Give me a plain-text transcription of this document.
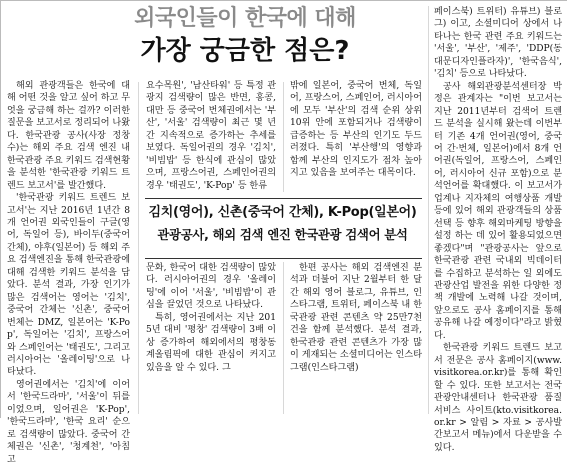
외국인들이 한국에 대해
가장 궁금한 점은?

해외 관광객들은 한국에 대해 어떤 것을 알고 싶어 하고 무엇을 궁금해 하는 걸까? 이러한 질문을 보고서로 정리되어 나왔다. 한국관광 공사(사장 정창수)는 해외 주요 검색 엔진 내 한국관광 주요 키워드 검색현황을 분석한 '한국관광 키워드 트렌드 보고서'를 발간했다.

'한국관광 키워드 트렌드 보고서'는 지난 2016년 1년간 8개 언어권 외국인들이 구글(영어, 독일어 등), 바이두(중국어 간체), 야후(일본어) 등 해외 주요 검색엔진을 통해 한국관광에 대해 검색한 키워드 분석을 담았다. 분석 결과, 가장 인기가 많은 검색어는 영어는 '김치', 중국어 간체는 '신촌', 중국어 번체는 DMZ, 일본어는 'K-Pop', 독일어는 '김치', 프랑스어와 스페인어는 '태권도', 그리고 러시아어는 '올레이팅'으로 나타났다.

영어권에서는 '김치'에 이어서 '한국드라마', '서울'이 뒤를 이었으며, 일어권은 'K-Pop', '한국드라마', '한국 요리' 순으로 검색량이 많았다. 중국어 간체권은 '신촌', '청계천', '아침고

요수목원', '남산타워' 등 특정 관광지 검색량이 많은 반면, 홍콩, 대만 등 중국어 번체권에서는 '부산', '서울' 검색량이 최근 몇 년간 지속적으로 증가하는 추세를 보였다. 독일어권의 경우 '김치', '비빔밥' 등 한식에 관심이 많았으며, 프랑스어권, 스페인어권의 경우 '태권도', 'K-Pop' 등 한류

밖에 일본어, 중국어 번체, 독일어, 프랑스어, 스페인어, 러시아어에 모두 '부산'의 검색 순위 상위 10위 안에 포함되거나 검색량이 급증하는 등 부산의 인기도 두드러졌다. 특히 '부산행'의 영향과 함께 부산의 인지도가 점차 높아지고 있음을 보여주는 대목이다.

김치(영어), 신촌(중국어 간체), K-Pop(일본어)
관광공사, 해외 검색 엔진 한국관광 검색어 분석

문화, 한국어 대한 검색량이 많았다. 러시아어권의 경우 '올레이팅'에 이어 '서울', '비빔밥'이 관심을 끌었던 것으로 나타났다.

특히, 영어권에서는 지난 2015년 대비 '평창' 검색량이 3배 이상 증가하여 해외에서의 평창동계올림픽에 대한 관심이 커지고 있음을 알 수 있다. 그

한편 공사는 해외 검색엔진 분석과 더불어 지난 2월부터 한 달간 해외 영어 블로그, 유튜브, 인스타그램, 트위터, 페이스북 내 한국관광 관련 콘텐츠 약 25만7천건을 함께 분석했다. 분석 결과, 한국관광 관련 콘텐츠가 가장 많이 게재되는 소셜미디어는 인스타그램(인스타그램)

페이스북) 트위터) 유튜브) 블로그) 이고, 소셜미디어 상에서 나타나는 한국 관련 주요 키워드는 '서울', '부산', '제주', 'DDP(동대문디자인플라자)', '한국음식', '김치' 등으로 나타났다.

공사 해외관광분석센터장 박정은 관계자는 "이번 보고서는 지난 2011년부터 검색어 트렌드 분석을 실시해 왔는데 이번부터 기존 4개 언어권(영어, 중국어 간·번체, 일본어)에서 8개 언어권(독일어, 프랑스어, 스페인어, 러시아어 신규 포함)으로 분석언어를 확대했다. 이 보고서가 업계나 지자체의 여행상품 개발 등에 있어 해외 관광객들의 상품 선택 등 향후 해외마케팅 방향을 설정 하는 데 있어 활용되었으면 좋겠다"며 "관광공사는 앞으로 한국관광 관련 국내외 빅데이터를 수집하고 분석하는 일 외에도 관광산업 발전을 위한 다양한 정책 개발에 노력해 나갈 것이며, 앞으로도 공사 홈페이지를 통해 공유해 나갈 예정이다"라고 밝혔다.

한국관광 키워드 트렌드 보고서 전문은 공사 홈페이지(www.visitkorea.or.kr)를 통해 확인할 수 있다. 또한 보고서는 전국 관광안내센터나 한국관광 품질서비스 사이트(kto.visitkorea.or.kr > 알림 > 자료 > 공사발간보고서 메뉴)에서 다운받을 수 있다.
